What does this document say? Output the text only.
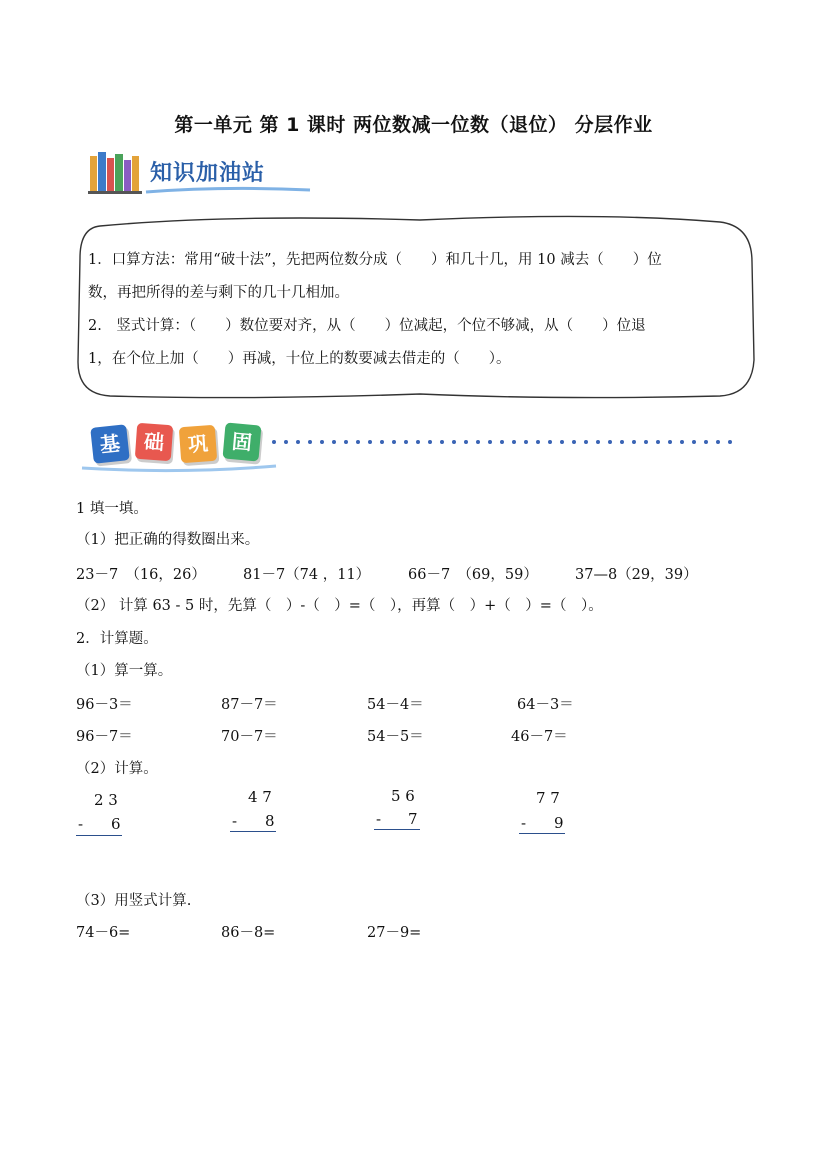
第一单元 第 1 课时 两位数减一位数（退位） 分层作业
知识加油站
1．口算方法：常用“破十法”，先把两位数分成（　　）和几十几，用 10 减去（　　）位
数，再把所得的差与剩下的几十几相加。
2.　竖式计算：（　　）数位要对齐，从（　　）位减起，个位不够减，从（　　）位退
1，在个位上加（　　）再减，十位上的数要减去借走的（　　）。
基	础	巩	固
1 填一填。
（1）把正确的得数圈出来。
23－7　（16，26）	81－7（74 ，11）	66－7　（69，59）	37—8（29，39）
（2） 计算 63 - 5 时，先算（　）-（　）=（　），再算（　）+（　）=（　）。
2．计算题。
（1）算一算。
96－3＝	87－7＝	54－4＝	64－3＝
96－7＝	70－7＝	54－5＝	46－7＝
（2）计算。
2 3
- 6
4 7
- 8
5 6
- 7
7 7
- 9
（3）用竖式计算.
74－6=	86－8=	27－9=
